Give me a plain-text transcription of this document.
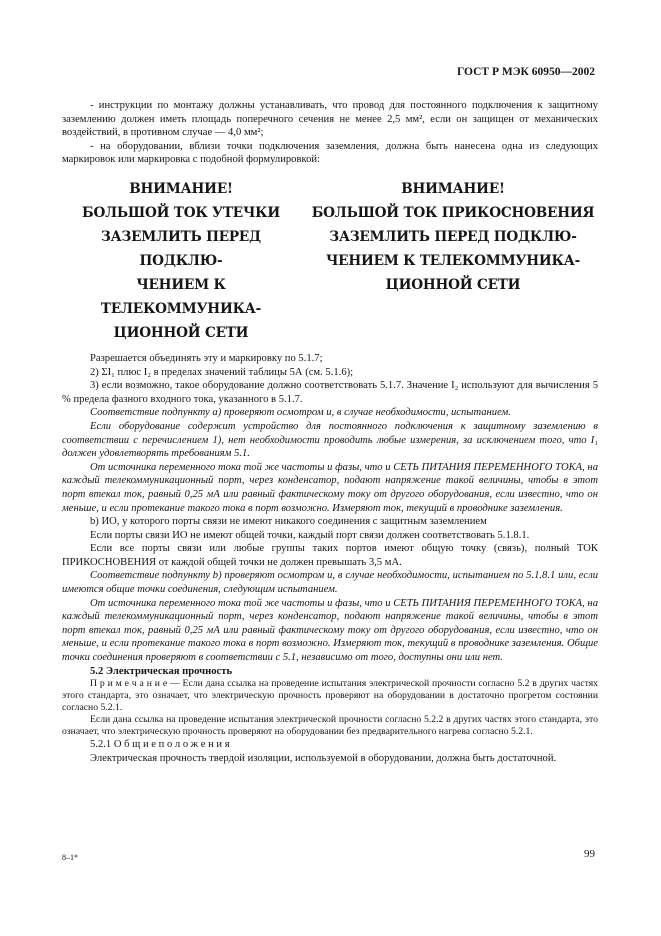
ГОСТ Р МЭК 60950—2002

- инструкции по монтажу должны устанавливать, что провод для постоянного подключения к защитному заземлению должен иметь площадь поперечного сечения не менее 2,5 мм², если он защищен от механических воздействий, в противном случае — 4,0 мм²;

- на оборудовании, вблизи точки подключения заземления, должна быть нанесена одна из следующих маркировок или маркировка с подобной формулировкой:

ВНИМАНИЕ!
БОЛЬШОЙ ТОК УТЕЧКИ
ЗАЗЕМЛИТЬ ПЕРЕД ПОДКЛЮ-
ЧЕНИЕМ К ТЕЛЕКОММУНИКА-
ЦИОННОЙ СЕТИ
ВНИМАНИЕ!
БОЛЬШОЙ ТОК ПРИКОСНОВЕНИЯ
ЗАЗЕМЛИТЬ ПЕРЕД ПОДКЛЮ-
ЧЕНИЕМ К ТЕЛЕКОММУНИКА-
ЦИОННОЙ СЕТИ

Разрешается объединять эту и маркировку по 5.1.7;

2) ΣI₁ плюс I₂ в пределах значений таблицы 5А (см. 5.1.6);

3) если возможно, такое оборудование должно соответствовать 5.1.7. Значение I₂ используют для вычисления 5 % предела фазного входного тока, указанного в 5.1.7.

Соответствие подпункту а) проверяют осмотром и, в случае необходимости, испытанием.

Если оборудование содержит устройство для постоянного подключения к защитному заземлению в соответствии с перечислением 1), нет необходимости проводить любые измерения, за исключением того, что I₁ должен удовлетворять требованиям 5.1.

От источника переменного тока той же частоты и фазы, что и СЕТЬ ПИТАНИЯ ПЕРЕМЕННОГО ТОКА, на каждый телекоммуникационный порт, через конденсатор, подают напряжение такой величины, чтобы в этот порт втекал ток, равный 0,25 мА или равный фактическому току от другого оборудования, если известно, что он меньше, и если протекание такого тока в порт возможно. Измеряют ток, текущий в проводнике заземления.

b) ИО, у которого порты связи не имеют никакого соединения с защитным заземлением

Если порты связи ИО не имеют общей точки, каждый порт связи должен соответствовать 5.1.8.1.

Если все порты связи или любые группы таких портов имеют общую точку (связь), полный ТОК ПРИКОСНОВЕНИЯ от каждой общей точки не должен превышать 3,5 мА.

Соответствие подпункту b) проверяют осмотром и, в случае необходимости, испытанием по 5.1.8.1 или, если имеются общие точки соединения, следующим испытанием.

От источника переменного тока той же частоты и фазы, что и СЕТЬ ПИТАНИЯ ПЕРЕМЕННОГО ТОКА, на каждый телекоммуникационный порт, через конденсатор, подают напряжение такой величины, чтобы в этот порт втекал ток, равный 0,25 мА или равный фактическому току от другого оборудования, если известно, что он меньше, и если протекание такого тока в порт возможно. Измеряют ток, текущий в проводнике заземления. Общие точки соединения проверяют в соответствии с 5.1, независимо от того, доступны они или нет.

5.2 Электрическая прочность

П р и м е ч а н и е — Если дана ссылка на проведение испытания электрической прочности согласно 5.2 в других частях этого стандарта, это означает, что электрическую прочность проверяют на оборудовании в достаточно прогретом состоянии согласно 5.2.1.

Если дана ссылка на проведение испытания электрической прочности согласно 5.2.2 в других частях этого стандарта, это означает, что электрическую прочность проверяют на оборудовании без предварительного нагрева согласно 5.2.1.

5.2.1 О б щ и е п о л о ж е н и я

Электрическая прочность твердой изоляции, используемой в оборудовании, должна быть достаточной.

8–1*	99
